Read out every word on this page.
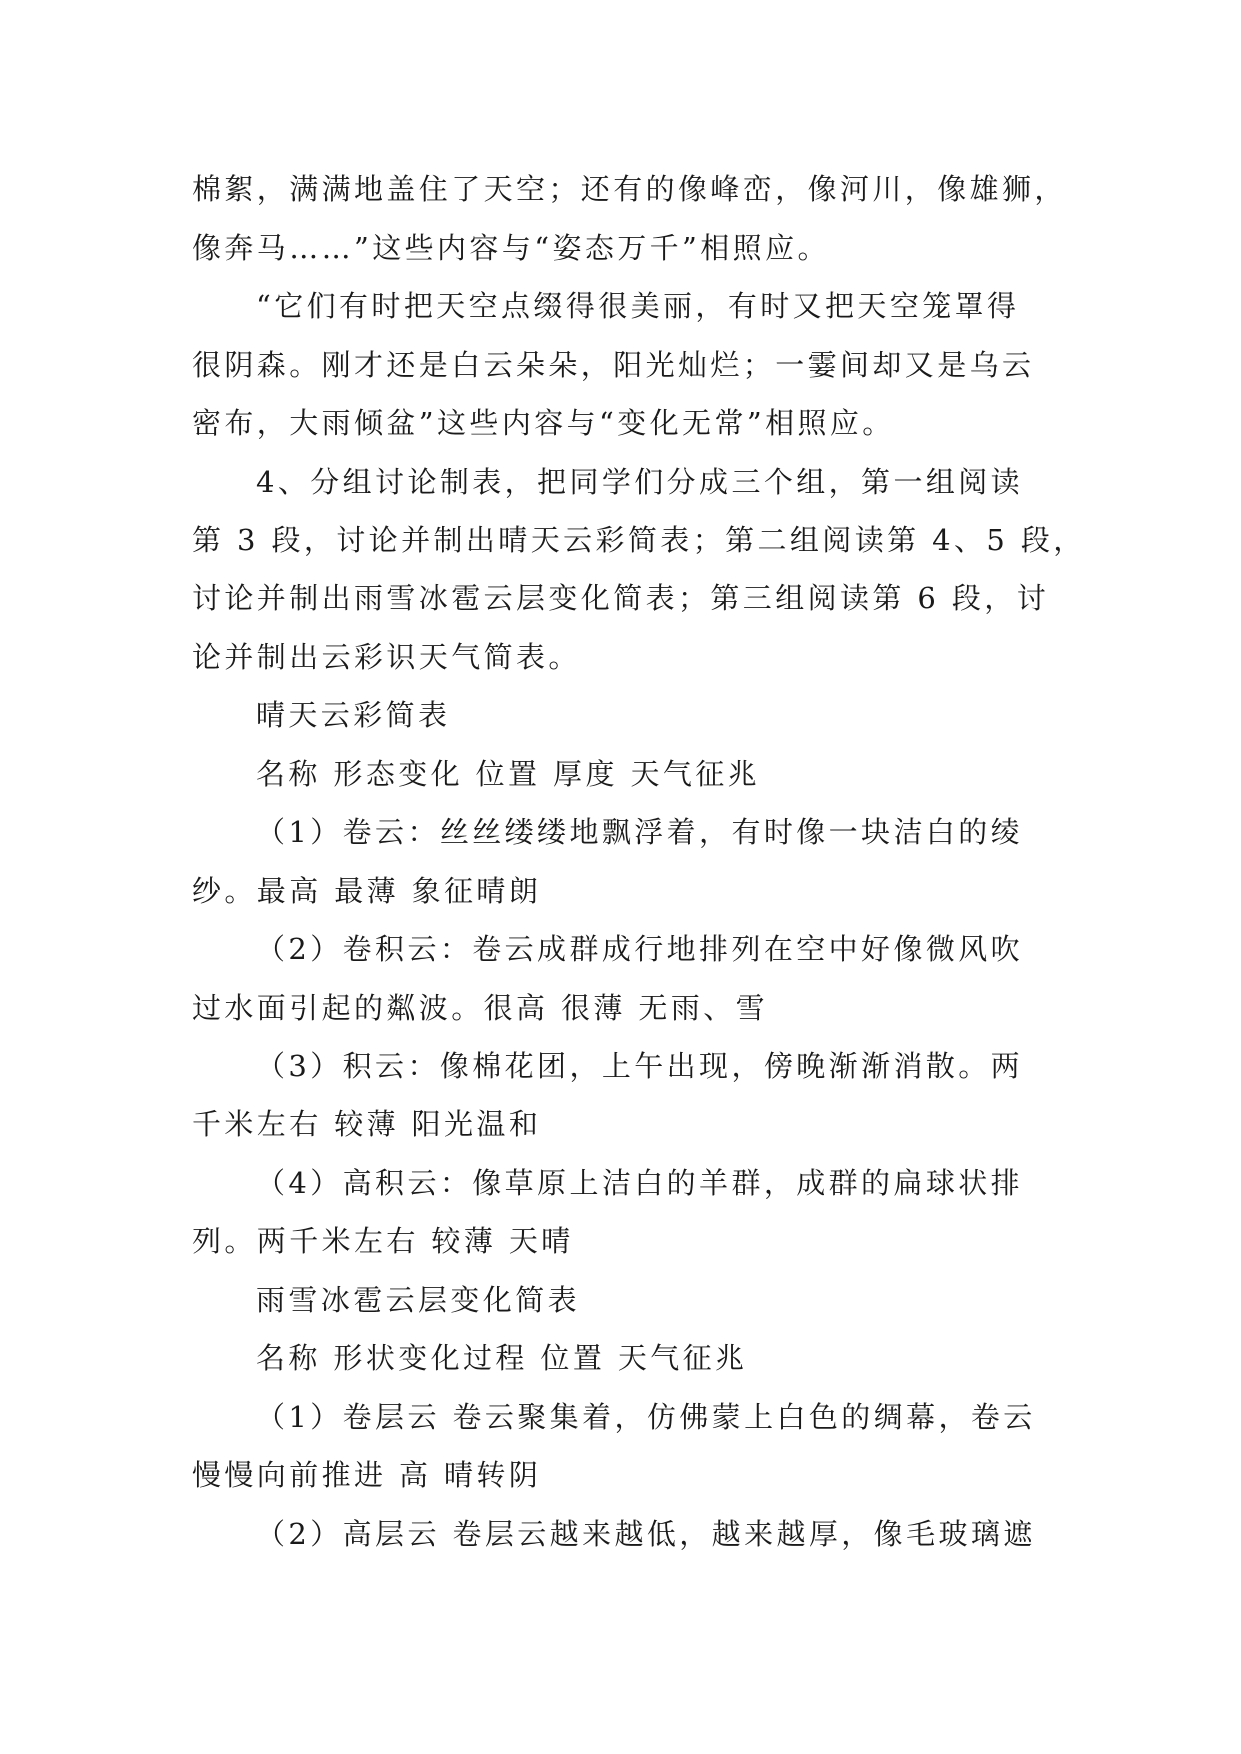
棉絮，满满地盖住了天空；还有的像峰峦，像河川，像雄狮，
像奔马……”这些内容与“姿态万千”相照应。
“它们有时把天空点缀得很美丽，有时又把天空笼罩得
很阴森。刚才还是白云朵朵，阳光灿烂；一霎间却又是乌云
密布，大雨倾盆”这些内容与“变化无常”相照应。
4、分组讨论制表，把同学们分成三个组，第一组阅读
第 3 段，讨论并制出晴天云彩简表；第二组阅读第 4、5 段，
讨论并制出雨雪冰雹云层变化简表；第三组阅读第 6 段，讨
论并制出云彩识天气简表。
晴天云彩简表
名称 形态变化 位置 厚度 天气征兆
（1）卷云：丝丝缕缕地飘浮着，有时像一块洁白的绫
纱。最高 最薄 象征晴朗
（2）卷积云：卷云成群成行地排列在空中好像微风吹
过水面引起的粼波。很高 很薄 无雨、雪
（3）积云：像棉花团，上午出现，傍晚渐渐消散。两
千米左右 较薄 阳光温和
（4）高积云：像草原上洁白的羊群，成群的扁球状排
列。两千米左右 较薄 天晴
雨雪冰雹云层变化简表
名称 形状变化过程 位置 天气征兆
（1）卷层云 卷云聚集着，仿佛蒙上白色的绸幕，卷云
慢慢向前推进 高 晴转阴
（2）高层云 卷层云越来越低，越来越厚，像毛玻璃遮
